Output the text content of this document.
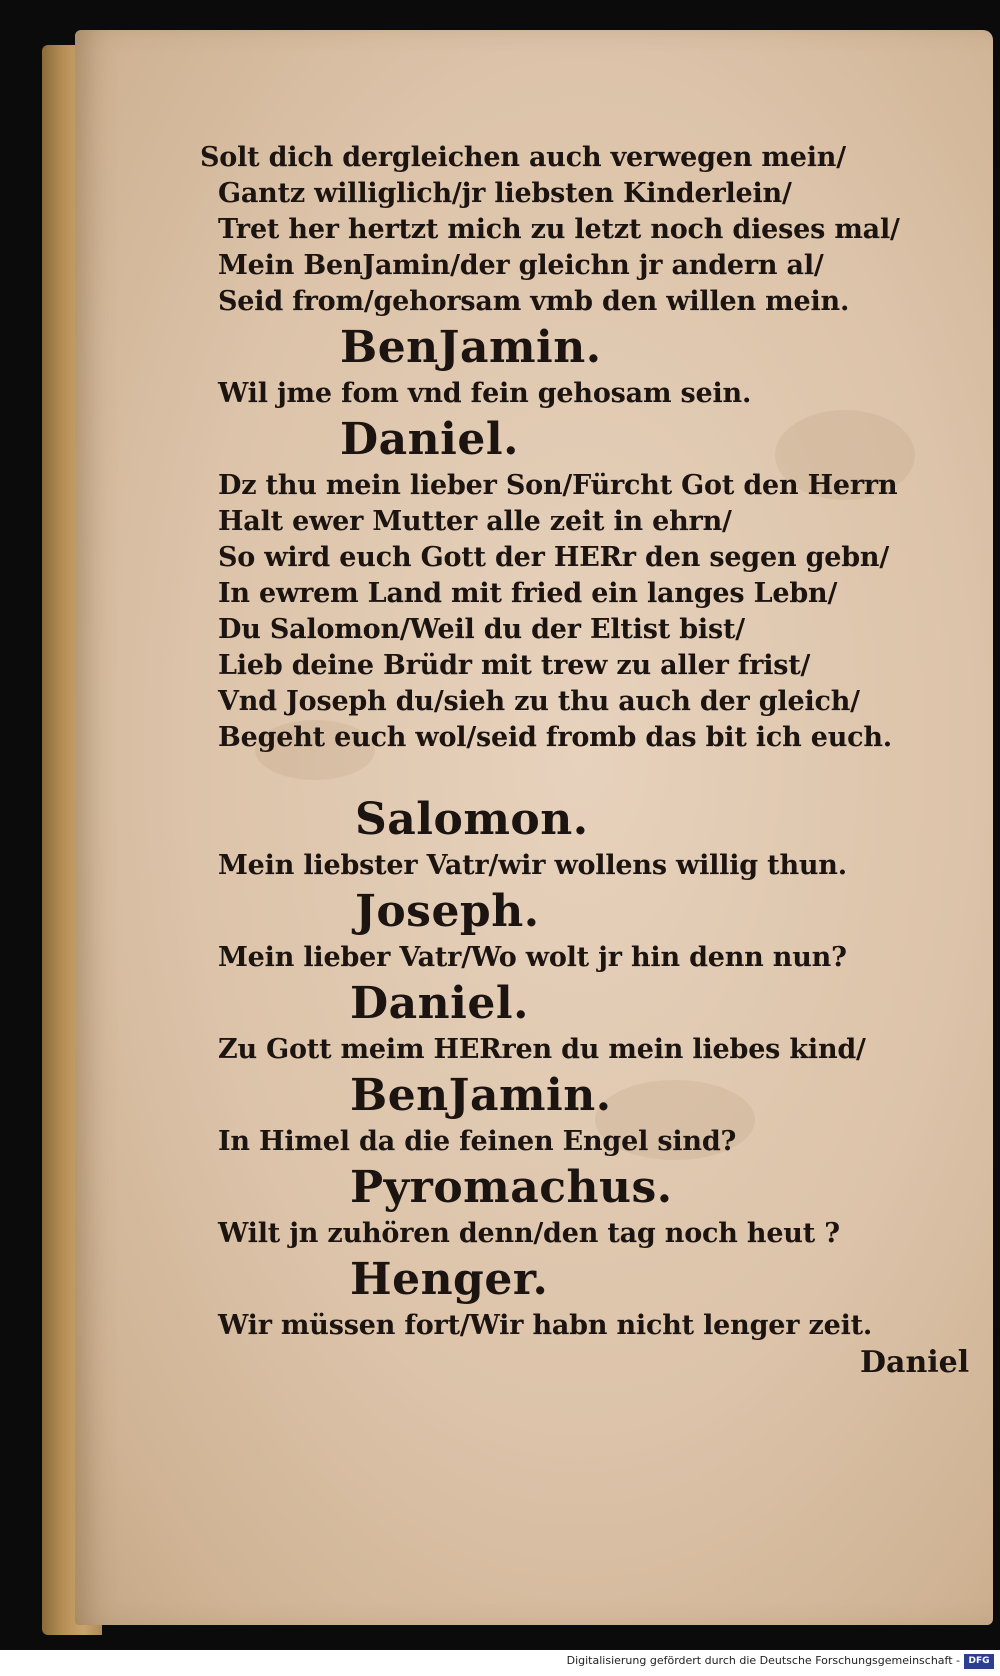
Solt dich dergleichen auch verwegen mein/
Gantz williglich/jr liebsten Kinderlein/
Tret her hertzt mich zu letzt noch dieses mal/
Mein BenJamin/der gleichn jr andern al/
Seid from/gehorsam vmb den willen mein.
BenJamin.
Wil jme fom vnd fein gehosam sein.
Daniel.
Dz thu mein lieber Son/Fürcht Got den Herrn
Halt ewer Mutter alle zeit in ehrn/
So wird euch Gott der HERr den segen gebn/
In ewrem Land mit fried ein langes Lebn/
Du Salomon/Weil du der Eltist bist/
Lieb deine Brüdr mit trew zu aller frist/
Vnd Joseph du/sieh zu thu auch der gleich/
Begeht euch wol/seid fromb das bit ich euch.
Salomon.
Mein liebster Vatr/wir wollens willig thun.
Joseph.
Mein lieber Vatr/Wo wolt jr hin denn nun?
Daniel.
Zu Gott meim HERren du mein liebes kind/
BenJamin.
In Himel da die feinen Engel sind?
Pyromachus.
Wilt jn zuhören denn/den tag noch heut ?
Henger.
Wir müssen fort/Wir habn nicht lenger zeit.
Daniel
Digitalisierung gefördert durch die Deutsche Forschungsgemeinschaft - DFG
